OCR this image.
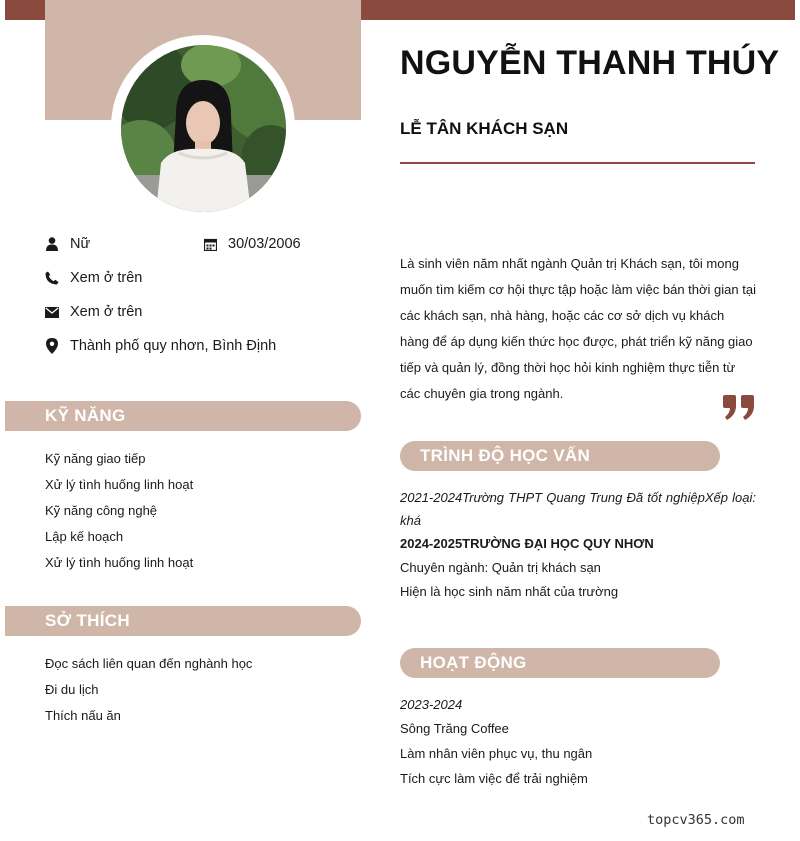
NGUYỄN THANH THÚY
LỄ TÂN KHÁCH SẠN
Nữ	30/03/2006
Xem ở trên
Xem ở trên
Thành phố quy nhơn, Bình Định
KỸ NĂNG
Kỹ năng giao tiếp
Xử lý tình huống linh hoạt
Kỹ năng công nghệ
Lập kế hoạch
Xử lý tình huống linh hoạt
SỞ THÍCH
Đọc sách liên quan đến nghành học
Đi du lịch
Thích nấu ăn
Là sinh viên năm nhất ngành Quản trị Khách sạn, tôi mong muốn tìm kiếm cơ hội thực tập hoặc làm việc bán thời gian tại các khách sạn, nhà hàng, hoặc các cơ sở dịch vụ khách hàng để áp dụng kiến thức học được, phát triển kỹ năng giao tiếp và quản lý, đồng thời học hỏi kinh nghiệm thực tiễn từ các chuyên gia trong ngành.
TRÌNH ĐỘ HỌC VẤN
2021-2024Trường THPT Quang Trung Đã tốt nghiệpXếp loại: khá
2024-2025TRƯỜNG ĐẠI HỌC QUY NHƠN
Chuyên ngành: Quản trị khách sạn
Hiện là học sinh năm nhất của trường
HOẠT ĐỘNG
2023-2024
Sông Trăng Coffee
Làm nhân viên phục vụ, thu ngân
Tích cực làm việc để trải nghiệm
topcv365.com
